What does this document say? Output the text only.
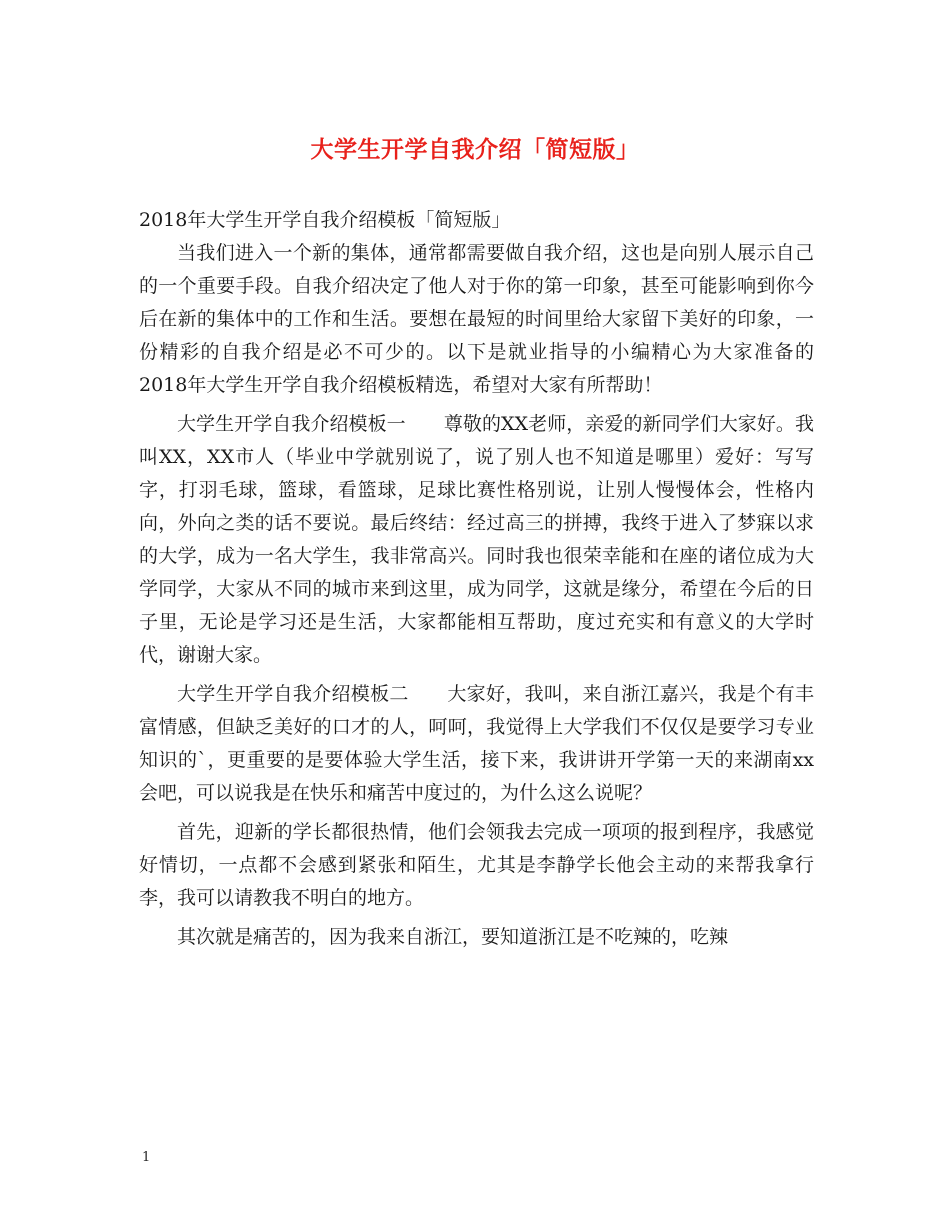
大学生开学自我介绍「简短版」

2018年大学生开学自我介绍模板「简短版」

当我们进入一个新的集体，通常都需要做自我介绍，这也是向别人展示自己的一个重要手段。自我介绍决定了他人对于你的第一印象，甚至可能影响到你今后在新的集体中的工作和生活。要想在最短的时间里给大家留下美好的印象，一份精彩的自我介绍是必不可少的。以下是就业指导的小编精心为大家准备的2018年大学生开学自我介绍模板精选，希望对大家有所帮助！

大学生开学自我介绍模板一　　尊敬的XX老师，亲爱的新同学们大家好。我叫XX，XX市人（毕业中学就别说了，说了别人也不知道是哪里）爱好：写写字，打羽毛球，篮球，看篮球，足球比赛性格别说，让别人慢慢体会，性格内向，外向之类的话不要说。最后终结：经过高三的拼搏，我终于进入了梦寐以求的大学，成为一名大学生，我非常高兴。同时我也很荣幸能和在座的诸位成为大学同学，大家从不同的城市来到这里，成为同学，这就是缘分，希望在今后的日子里，无论是学习还是生活，大家都能相互帮助，度过充实和有意义的大学时代，谢谢大家。

大学生开学自我介绍模板二　　大家好，我叫，来自浙江嘉兴，我是个有丰富情感，但缺乏美好的口才的人，呵呵，我觉得上大学我们不仅仅是要学习专业知识的`，更重要的是要体验大学生活，接下来，我讲讲开学第一天的来湖南xx会吧，可以说我是在快乐和痛苦中度过的，为什么这么说呢？

首先，迎新的学长都很热情，他们会领我去完成一项项的报到程序，我感觉好情切，一点都不会感到紧张和陌生，尤其是李静学长他会主动的来帮我拿行李，我可以请教我不明白的地方。

其次就是痛苦的，因为我来自浙江，要知道浙江是不吃辣的，吃辣

1
